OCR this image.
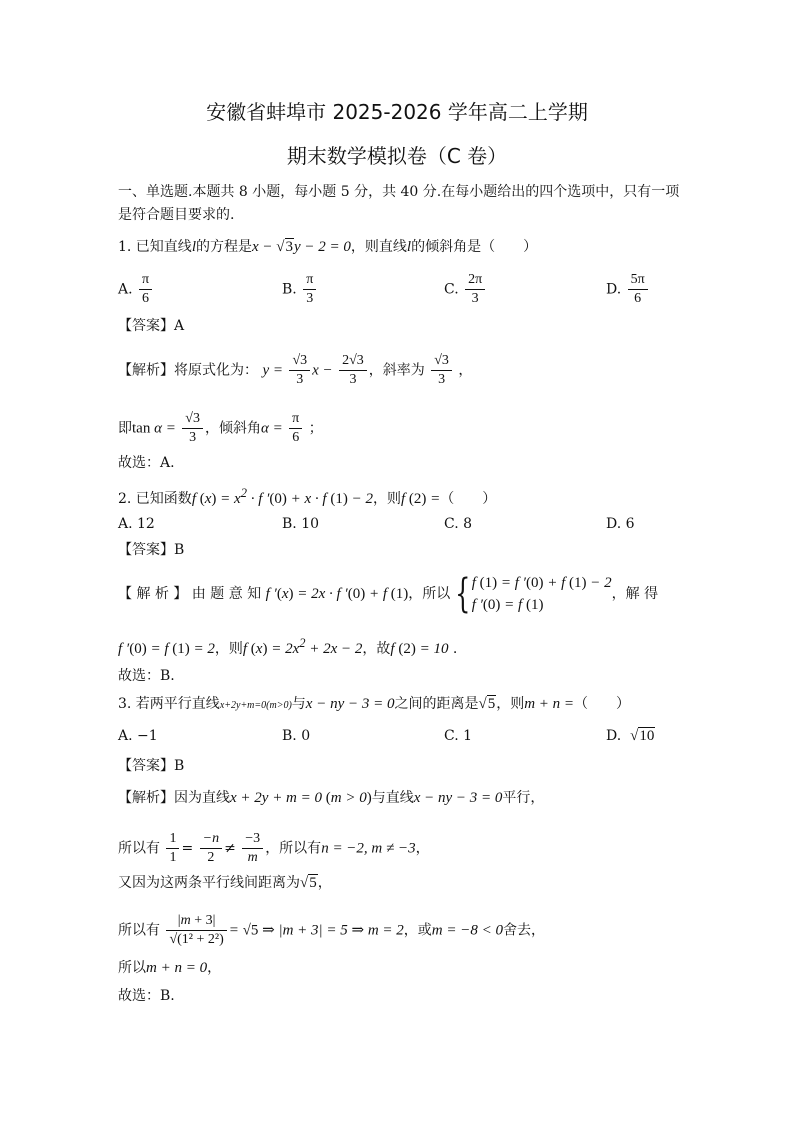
安徽省蚌埠市 2025-2026 学年高二上学期
期末数学模拟卷（C 卷）
一、单选题.本题共 8 小题，每小题 5 分，共 40 分.在每小题给出的四个选项中，只有一项
是符合题目要求的.
1. 已知直线l的方程是x − √3y − 2 = 0，则直线l的倾斜角是（　　）
A. $\frac{\pi}{6}$	B. $\frac{\pi}{3}$	C. $\frac{2\pi}{3}$	D. $\frac{5\pi}{6}$
【答案】A
【解析】将原式化为： $y = \frac{√3}{3}$ $x - \frac{2√3}{3}$ ，斜率为 $\frac{√3}{3}$ ，
即$\tan \alpha = \frac{√3}{3}$ ，倾斜角$\alpha = \frac{\pi}{6}$ ；
故选：A.
2. 已知函数f $(x) = x^2 \cdot f$ ′(0) + x · f (1) − 2，则f (2) =（　　）
A. 12	B. 10	C. 8	D. 6
【答案】B
【 解 析 】 由 题 意 知 f ′(x) = 2x · f ′(0) + f (1)，所以 {f (1) = f ′(0) + f (1) − 2
f ′(0) = f (1)，解 得
f ′(0) = f (1) = 2，则f $(x) = 2x^2 + 2x - 2$，故f (2) = 10 .
故选：B.
3. 若两平行直线x+2y+m=0(m>0)与x − ny − 3 = 0之间的距离是√5，则m + n =（　　）
A. −1	B. 0	C. 1	D. √10
【答案】B
【解析】因为直线x + 2y + m = 0 (m > 0)与直线x − ny − 3 = 0平行，
所以有 $\frac{1}{1} = \frac{-n}{2} \ne \frac{-3}{m}$ ，所以有n = −2, m ≠ −3，
又因为这两条平行线间距离为√5，
所以有 $\frac{|m + 3|}{\text{√(1² + 2²)}} = √5$ ⇒ |m + 3| = 5 ⇒ m = 2，或m = −8 < 0舍去，
所以m + n = 0，
故选：B.
